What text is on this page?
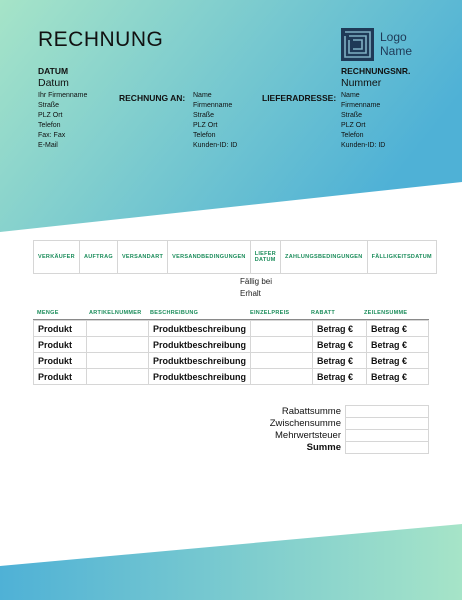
RECHNUNG
DATUM
Datum
Ihr Firmenname
Straße
PLZ Ort
Telefon
Fax: Fax
E-Mail
RECHNUNG AN: Name
Firmenname
Straße
PLZ Ort
Telefon
Kunden-ID: ID
LIEFERADRESSE:
Logo
Name
RECHNUNGSNR.
Nummer
Name
Firmenname
Straße
PLZ Ort
Telefon
Kunden-ID: ID
VERKÄUFER	AUFTRAG	VERSANDART	VERSANDBEDINGUNGEN	LIEFER DATUM	ZAHLUNGSBEDINGUNGEN	FÄLLIGKEITSDATUM
Fällig bei Erhalt
MENGE	ARTIKELNUMMER	BESCHREIBUNG	EINZELPREIS	RABATT	ZEILENSUMME
Produkt		Produktbeschreibung		Betrag €	Betrag €
Produkt		Produktbeschreibung		Betrag €	Betrag €
Produkt		Produktbeschreibung		Betrag €	Betrag €
Produkt		Produktbeschreibung		Betrag €	Betrag €
Rabattsumme	
Zwischensumme	
Mehrwertsteuer	
Summe	
